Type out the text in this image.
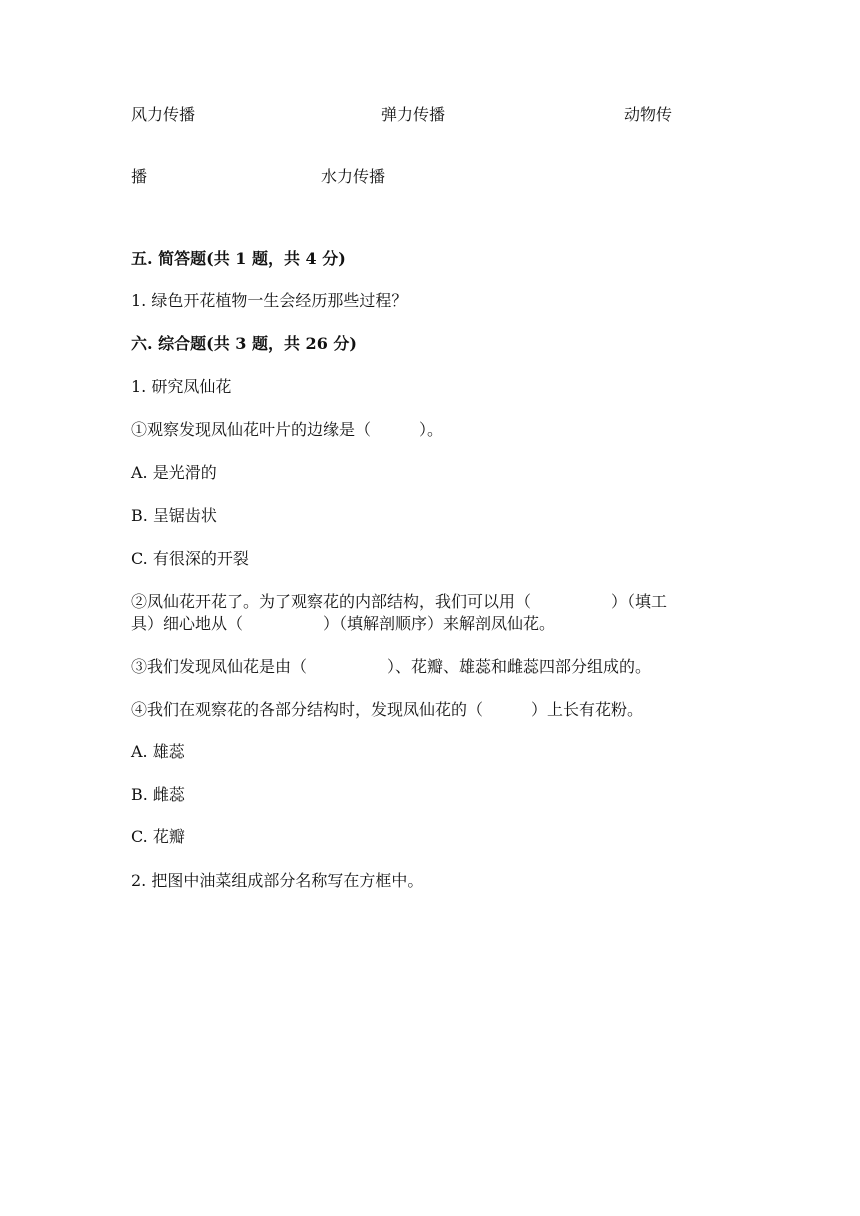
风力传播	弹力传播	动物传
播	水力传播
五. 简答题(共 1 题，共 4 分)
1. 绿色开花植物一生会经历那些过程？
六. 综合题(共 3 题，共 26 分)
1. 研究凤仙花
①观察发现凤仙花叶片的边缘是（　　　）。
A. 是光滑的
B. 呈锯齿状
C. 有很深的开裂
②凤仙花开花了。为了观察花的内部结构，我们可以用（　　　　　）（填工
具）细心地从（　　　　　）（填解剖顺序）来解剖凤仙花。
③我们发现凤仙花是由（　　　　　）、花瓣、雄蕊和雌蕊四部分组成的。
④我们在观察花的各部分结构时，发现凤仙花的（　　　）上长有花粉。
A. 雄蕊
B. 雌蕊
C. 花瓣
2. 把图中油菜组成部分名称写在方框中。
